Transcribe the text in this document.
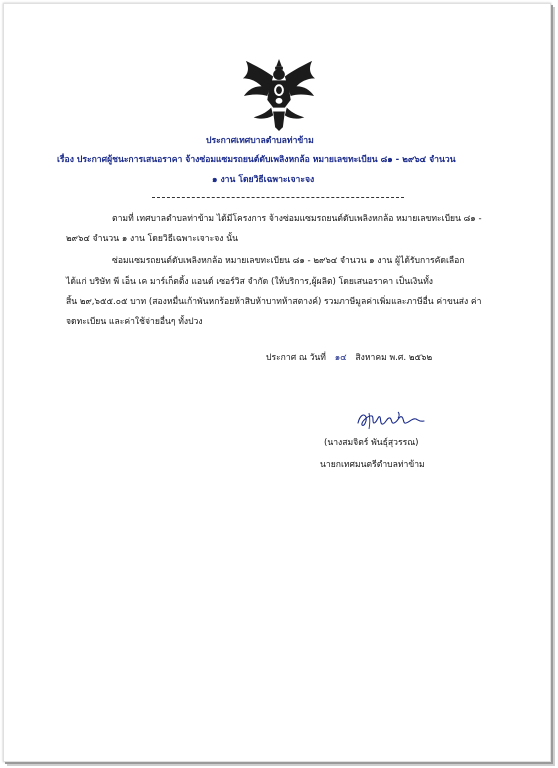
ประกาศเทศบาลตำบลท่าข้าม
เรื่อง ประกาศผู้ชนะการเสนอราคา จ้างซ่อมแซมรถยนต์ดับเพลิงหกล้อ หมายเลขทะเบียน ๘๑ - ๒๙๖๔ จำนวน
๑ งาน โดยวิธีเฉพาะเจาะจง
ตามที่ เทศบาลตำบลท่าข้าม ได้มีโครงการ จ้างซ่อมแซมรถยนต์ดับเพลิงหกล้อ หมายเลขทะเบียน ๘๑ -
๒๙๖๔ จำนวน ๑ งาน โดยวิธีเฉพาะเจาะจง นั้น
ซ่อมแซมรถยนต์ดับเพลิงหกล้อ หมายเลขทะเบียน ๘๑ - ๒๙๖๔ จำนวน ๑ งาน ผู้ได้รับการคัดเลือก
ได้แก่ บริษัท พี เอ็น เค มาร์เก็ตติ้ง แอนด์ เซอร์วิส จำกัด (ให้บริการ,ผู้ผลิต) โดยเสนอราคา เป็นเงินทั้ง
สิ้น ๒๙,๖๕๕.๐๕ บาท (สองหมื่นเก้าพันหกร้อยห้าสิบห้าบาทห้าสตางค์) รวมภาษีมูลค่าเพิ่มและภาษีอื่น ค่าขนส่ง ค่า
จดทะเบียน และค่าใช้จ่ายอื่นๆ ทั้งปวง
ประกาศ ณ วันที่ ๑๔ สิงหาคม พ.ศ. ๒๕๖๒
(นางสมจิตร์ พันธุ์สุวรรณ)
นายกเทศมนตรีตำบลท่าข้าม
